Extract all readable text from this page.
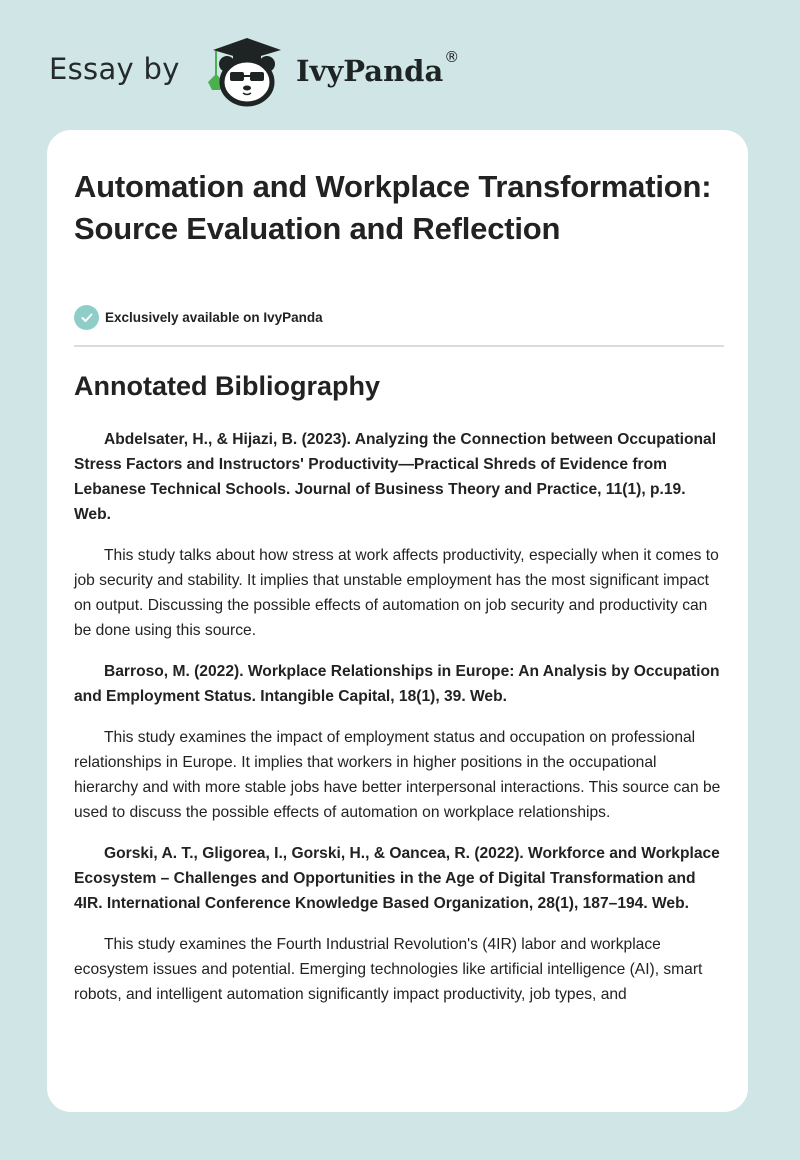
Essay by	IvyPanda®
Automation and Workplace Transformation: Source Evaluation and Reflection
Exclusively available on IvyPanda
Annotated Bibliography

Abdelsater, H., & Hijazi, B. (2023). Analyzing the Connection between Occupational Stress Factors and Instructors' Productivity—Practical Shreds of Evidence from Lebanese Technical Schools. Journal of Business Theory and Practice, 11(1), p.19. Web.

This study talks about how stress at work affects productivity, especially when it comes to job security and stability. It implies that unstable employment has the most significant impact on output. Discussing the possible effects of automation on job security and productivity can be done using this source.

Barroso, M. (2022). Workplace Relationships in Europe: An Analysis by Occupation and Employment Status. Intangible Capital, 18(1), 39. Web.

This study examines the impact of employment status and occupation on professional relationships in Europe. It implies that workers in higher positions in the occupational hierarchy and with more stable jobs have better interpersonal interactions. This source can be used to discuss the possible effects of automation on workplace relationships.

Gorski, A. T., Gligorea, I., Gorski, H., & Oancea, R. (2022). Workforce and Workplace Ecosystem – Challenges and Opportunities in the Age of Digital Transformation and 4IR. International Conference Knowledge Based Organization, 28(1), 187–194. Web.

This study examines the Fourth Industrial Revolution's (4IR) labor and workplace ecosystem issues and potential. Emerging technologies like artificial intelligence (AI), smart robots, and intelligent automation significantly impact productivity, job types, and
